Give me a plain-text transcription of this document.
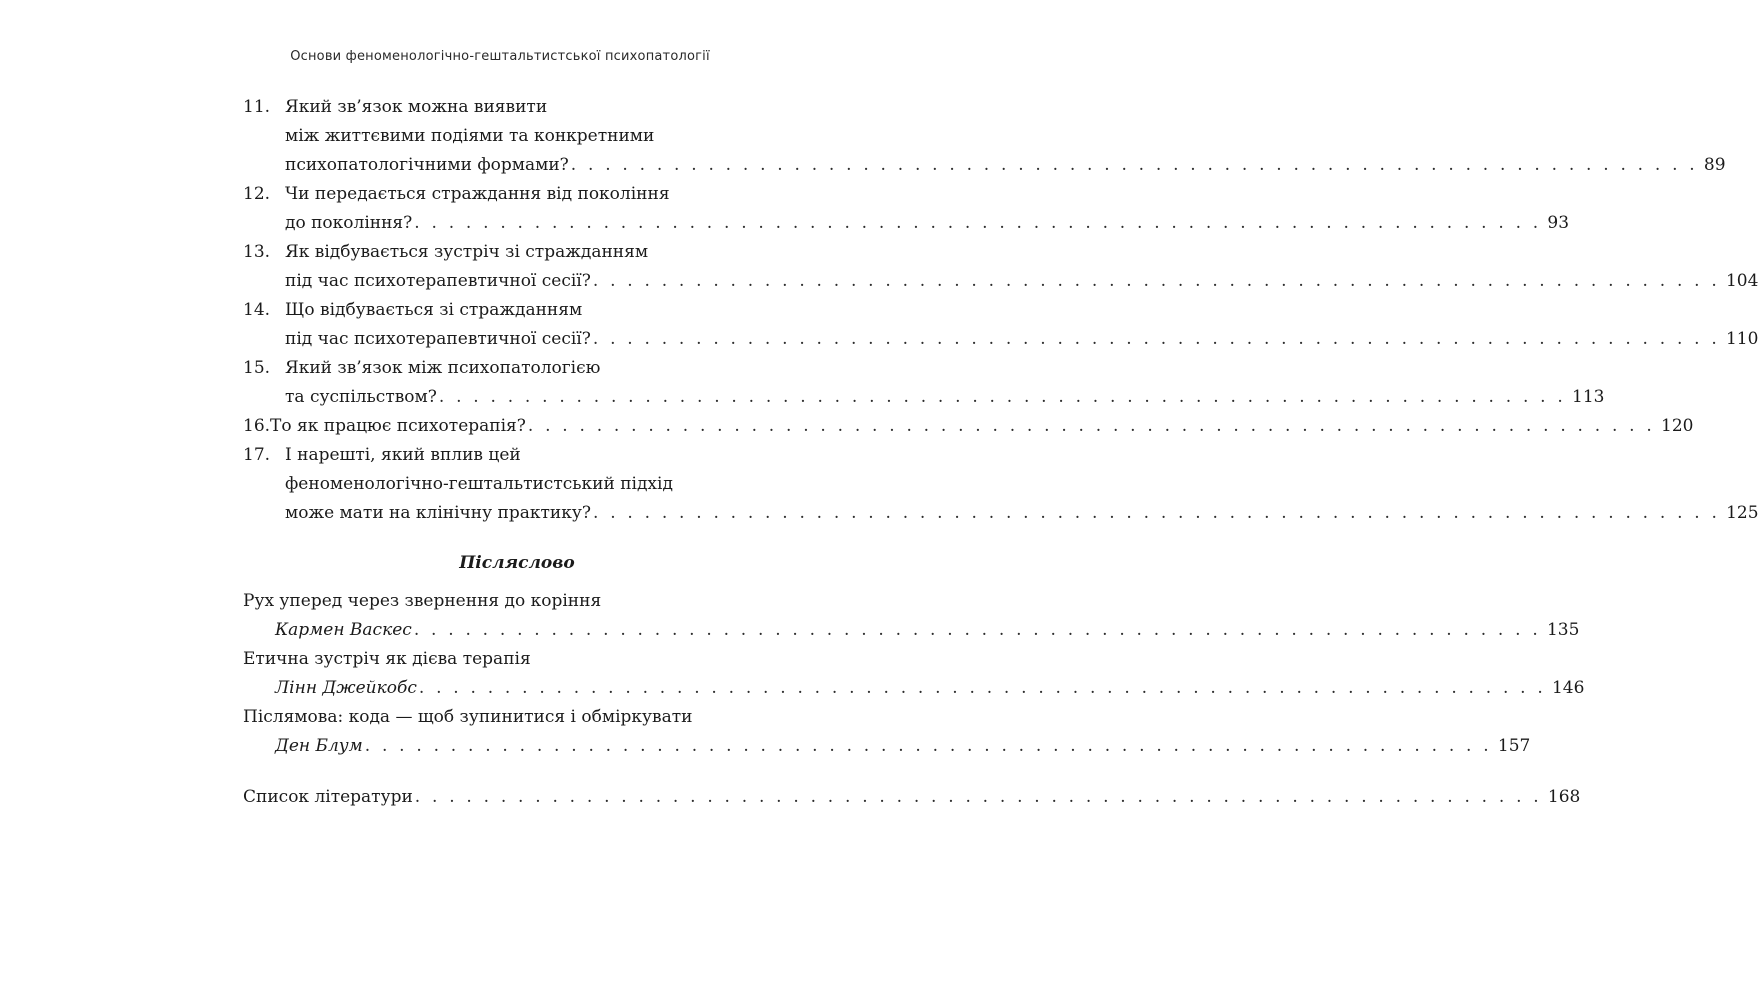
Основи феноменологічно-гештальтистської психопатології
11. Який зв’язок можна виявити
між життєвими подіями та конкретними
психопатологічними формами? . . . . . . . . . . . . . . . . . . . . . . . . . . . . . . . . . . . . . . . . . . . . . . . . . . . . . . . . . . . . . . . . . . 89
12. Чи передається страждання від покоління
до покоління? . . . . . . . . . . . . . . . . . . . . . . . . . . . . . . . . . . . . . . . . . . . . . . . . . . . . . . . . . . . . . . . . . . 93
13. Як відбувається зустріч зі стражданням
під час психотерапевтичної сесії? . . . . . . . . . . . . . . . . . . . . . . . . . . . . . . . . . . . . . . . . . . . . . . . . . . . . . . . . . . . . . . . . . . 104
14. Що відбувається зі стражданням
під час психотерапевтичної сесії? . . . . . . . . . . . . . . . . . . . . . . . . . . . . . . . . . . . . . . . . . . . . . . . . . . . . . . . . . . . . . . . . . . 110
15. Який зв’язок між психопатологією
та суспільством? . . . . . . . . . . . . . . . . . . . . . . . . . . . . . . . . . . . . . . . . . . . . . . . . . . . . . . . . . . . . . . . . . . 113
16. То як працює психотерапія? . . . . . . . . . . . . . . . . . . . . . . . . . . . . . . . . . . . . . . . . . . . . . . . . . . . . . . . . . . . . . . . . . . 120
17. І нарешті, який вплив цей
феноменологічно-гештальтистський підхід
може мати на клінічну практику? . . . . . . . . . . . . . . . . . . . . . . . . . . . . . . . . . . . . . . . . . . . . . . . . . . . . . . . . . . . . . . . . . . 125
Післяслово
Рух уперед через звернення до коріння
Кармен Васкес . . . . . . . . . . . . . . . . . . . . . . . . . . . . . . . . . . . . . . . . . . . . . . . . . . . . . . . . . . . . . . . . . . 135
Етична зустріч як дієва терапія
Лінн Джейкобс . . . . . . . . . . . . . . . . . . . . . . . . . . . . . . . . . . . . . . . . . . . . . . . . . . . . . . . . . . . . . . . . . . 146
Післямова: кода — щоб зупинитися і обміркувати
Ден Блум . . . . . . . . . . . . . . . . . . . . . . . . . . . . . . . . . . . . . . . . . . . . . . . . . . . . . . . . . . . . . . . . . . 157
Список літератури . . . . . . . . . . . . . . . . . . . . . . . . . . . . . . . . . . . . . . . . . . . . . . . . . . . . . . . . . . . . . . . . . . 168
